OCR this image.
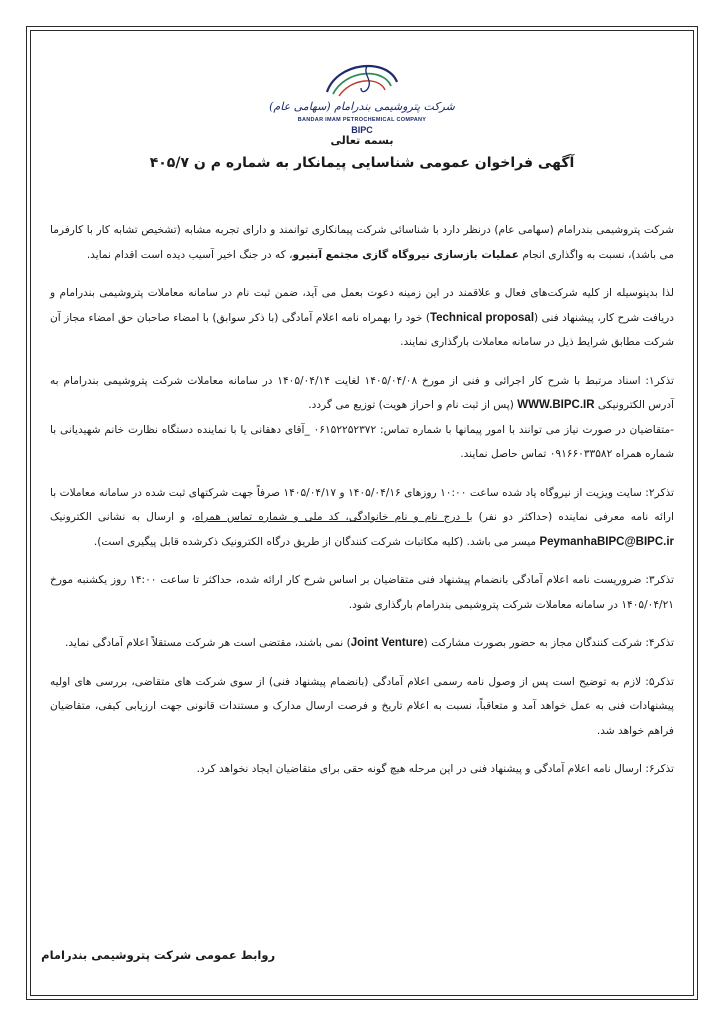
شرکت پتروشیمی بندرامام (سهامی عام)
BANDAR IMAM PETROCHEMICAL COMPANY
BIPC
بسمه تعالی
آگهی فراخوان عمومی شناسایی پیمانکار به شماره م ن ۴۰۵/۷

شرکت پتروشیمی بندرامام (سهامی عام) درنظر دارد با شناسائی شرکت پیمانکاری توانمند و دارای تجربه مشابه (تشخیص تشابه کار با کارفرما می باشد)، نسبت به واگذاری انجام عملیات بازسازی نیروگاه گازی مجتمع آبنیرو، که در جنگ اخیر آسیب دیده است اقدام نماید.

لذا بدینوسیله از کلیه شرکت‌های فعال و علاقمند در این زمینه دعوت بعمل می آید، ضمن ثبت نام در سامانه معاملات پتروشیمی بندرامام و دریافت شرح کار، پیشنهاد فنی (Technical proposal) خود را بهمراه نامه اعلام آمادگی (با ذکر سوابق) با امضاء صاحبان حق امضاء مجاز آن شرکت مطابق شرایط ذیل در سامانه معاملات بارگذاری نمایند.

تذکر۱: اسناد مرتبط با شرح کار اجرائی و فنی از مورخ ۱۴۰۵/۰۴/۰۸ لغایت ۱۴۰۵/۰۴/۱۴ در سامانه معاملات شرکت پتروشیمی بندرامام به آدرس الکترونیکی WWW.BIPC.IR (پس از ثبت نام و احراز هویت) توزیع می گردد.

-متقاضیان در صورت نیاز می توانند با امور پیمانها با شماره تماس: ۰۶۱۵۲۲۵۲۳۷۲ _آقای دهقانی یا با نماینده دستگاه نظارت خانم شهیدیانی با شماره همراه ۰۹۱۶۶۰۳۳۵۸۲ تماس حاصل نمایند.

تذکر۲: سایت ویزیت از نیروگاه یاد شده ساعت ۱۰:۰۰ روزهای ۱۴۰۵/۰۴/۱۶ و ۱۴۰۵/۰۴/۱۷ صرفاً جهت شرکتهای ثبت شده در سامانه معاملات با ارائه نامه معرفی نماینده (حداکثر دو نفر) با درج نام و نام خانوادگی، کد ملی و شماره تماس همراه، و ارسال به نشانی الکترونیک PeymanhaBIPC@BIPC.ir میسر می باشد. (کلیه مکاتبات شرکت کنندگان از طریق درگاه الکترونیک ذکرشده قابل پیگیری است).

تذکر۳: ضروریست نامه اعلام آمادگی بانضمام پیشنهاد فنی متقاضیان بر اساس شرح کار ارائه شده، حداکثر تا ساعت ۱۴:۰۰ روز یکشنبه مورخ ۱۴۰۵/۰۴/۲۱ در سامانه معاملات شرکت پتروشیمی بندرامام بارگذاری شود.

تذکر۴: شرکت کنندگان مجاز به حضور بصورت مشارکت (Joint Venture) نمی باشند، مقتضی است هر شرکت مستقلاً اعلام آمادگی نماید.

تذکر۵: لازم به توضیح است پس از وصول نامه رسمی اعلام آمادگی (بانضمام پیشنهاد فنی) از سوی شرکت های متقاضی، بررسی های اولیه پیشنهادات فنی به عمل خواهد آمد و متعاقباً، نسبت به اعلام تاریخ و فرصت ارسال مدارک و مستندات قانونی جهت ارزیابی کیفی، متقاضیان فراهم خواهد شد.

تذکر۶: ارسال نامه اعلام آمادگی و پیشنهاد فنی در این مرحله هیچ گونه حقی برای متقاضیان ایجاد نخواهد کرد.

روابط عمومی شرکت پتروشیمی بندرامام
